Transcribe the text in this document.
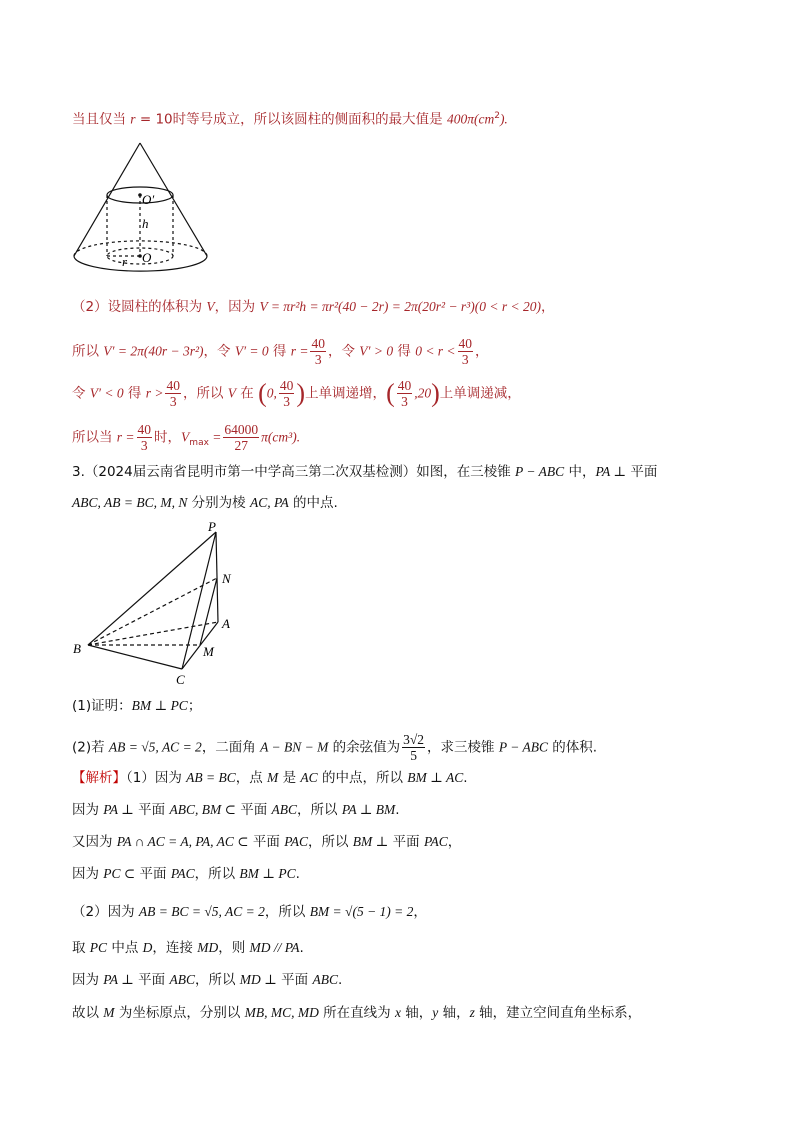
当且仅当 r = 10时等号成立，所以该圆柱的侧面积的最大值是 $400\pi(cm^2)$.
O′
h
r O
（2）设圆柱的体积为 V，因为 V = πr²h = πr²(40 − 2r) = 2π(20r² − r³)(0 < r < 20)，
所以 V′ = 2π(40r − 3r²)，令 V′ = 0 得 $r = \frac{40}{3}$ ，令 V′ > 0 得 $0 < r < \frac{40}{3}$ ，
令 V′ < 0 得 $r > \frac{40}{3}$ ，所以 V 在 (0, $\frac{40}{3}$ )上单调递增，( $\frac{40}{3} ,20$)上单调递减，
所以当 $r = \frac{40}{3}$ 时，$V_{max} = \frac{64000}{27} \pi(cm^3)$.
3.（2024届云南省昆明市第一中学高三第二次双基检测）如图，在三棱锥 P − ABC 中，PA ⊥ 平面
ABC, AB = BC, M, N 分别为棱 AC, PA 的中点.
P
N
A
B	M
C
(1)证明：BM ⊥ PC；
(2)若 AB = √5, AC = 2，二面角 A − BN − M 的余弦值为 $\frac{3√2}{5}$ ，求三棱锥 P − ABC 的体积.
【解析】（1）因为 AB = BC，点 M 是 AC 的中点，所以 BM ⊥ AC.
因为 PA ⊥ 平面 ABC, BM ⊂ 平面 ABC，所以 PA ⊥ BM.
又因为 PA ∩ AC = A, PA, AC ⊂ 平面 PAC，所以 BM ⊥ 平面 PAC，
因为 PC ⊂ 平面 PAC，所以 BM ⊥ PC.
（2）因为 AB = BC = √5, AC = 2，所以 BM = √(5 − 1) = 2，
取 PC 中点 D，连接 MD，则 MD // PA.
因为 PA ⊥ 平面 ABC，所以 MD ⊥ 平面 ABC.
故以 M 为坐标原点，分别以 MB, MC, MD 所在直线为 x 轴，y 轴，z 轴，建立空间直角坐标系，
